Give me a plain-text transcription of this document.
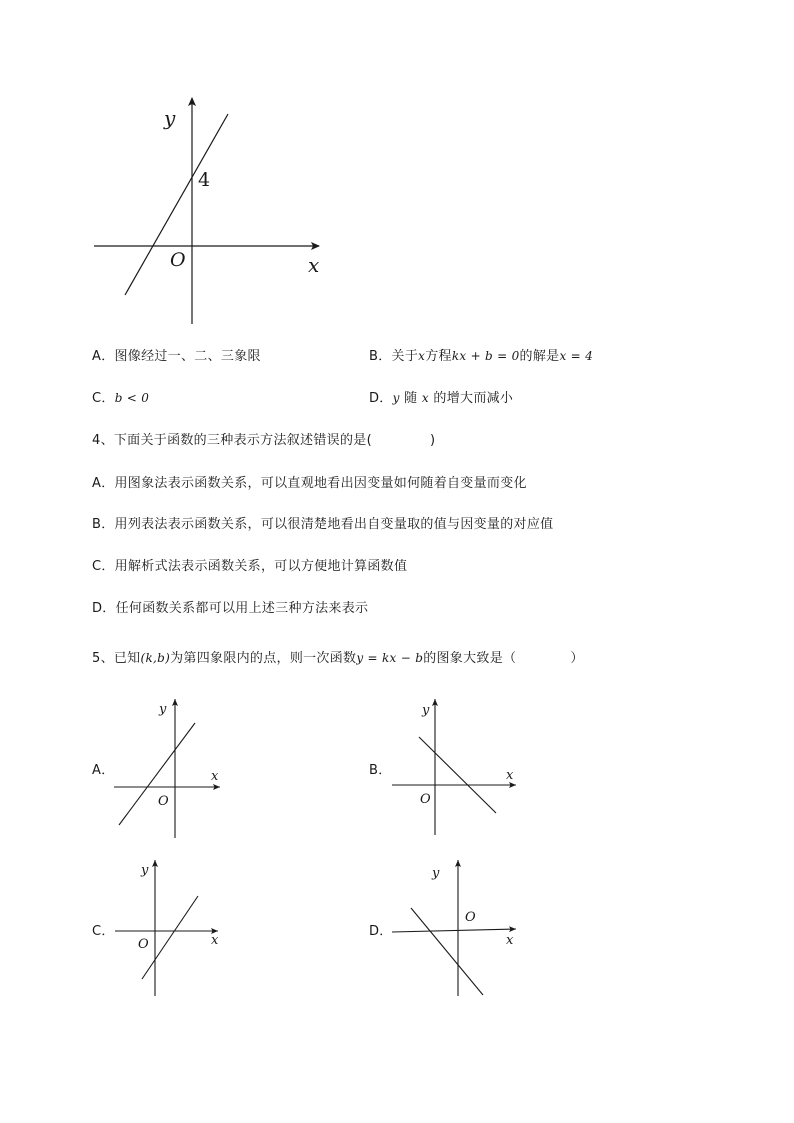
y
x
O
4
A．图像经过一、二、三象限	B．关于x方程kx + b = 0的解是x = 4
C．b < 0	D．y 随 x 的增大而减小
4、下面关于函数的三种表示方法叙述错误的是(	)
A．用图象法表示函数关系，可以直观地看出因变量如何随着自变量而变化
B．用列表法表示函数关系，可以很清楚地看出自变量取的值与因变量的对应值
C．用解析式法表示函数关系，可以方便地计算函数值
D．任何函数关系都可以用上述三种方法来表示
5、已知(k,b)为第四象限内的点，则一次函数y = kx − b的图象大致是（	）
A．
y
x
O
B．
y
x
O
C．
y
x
O
D．
y
x
O
